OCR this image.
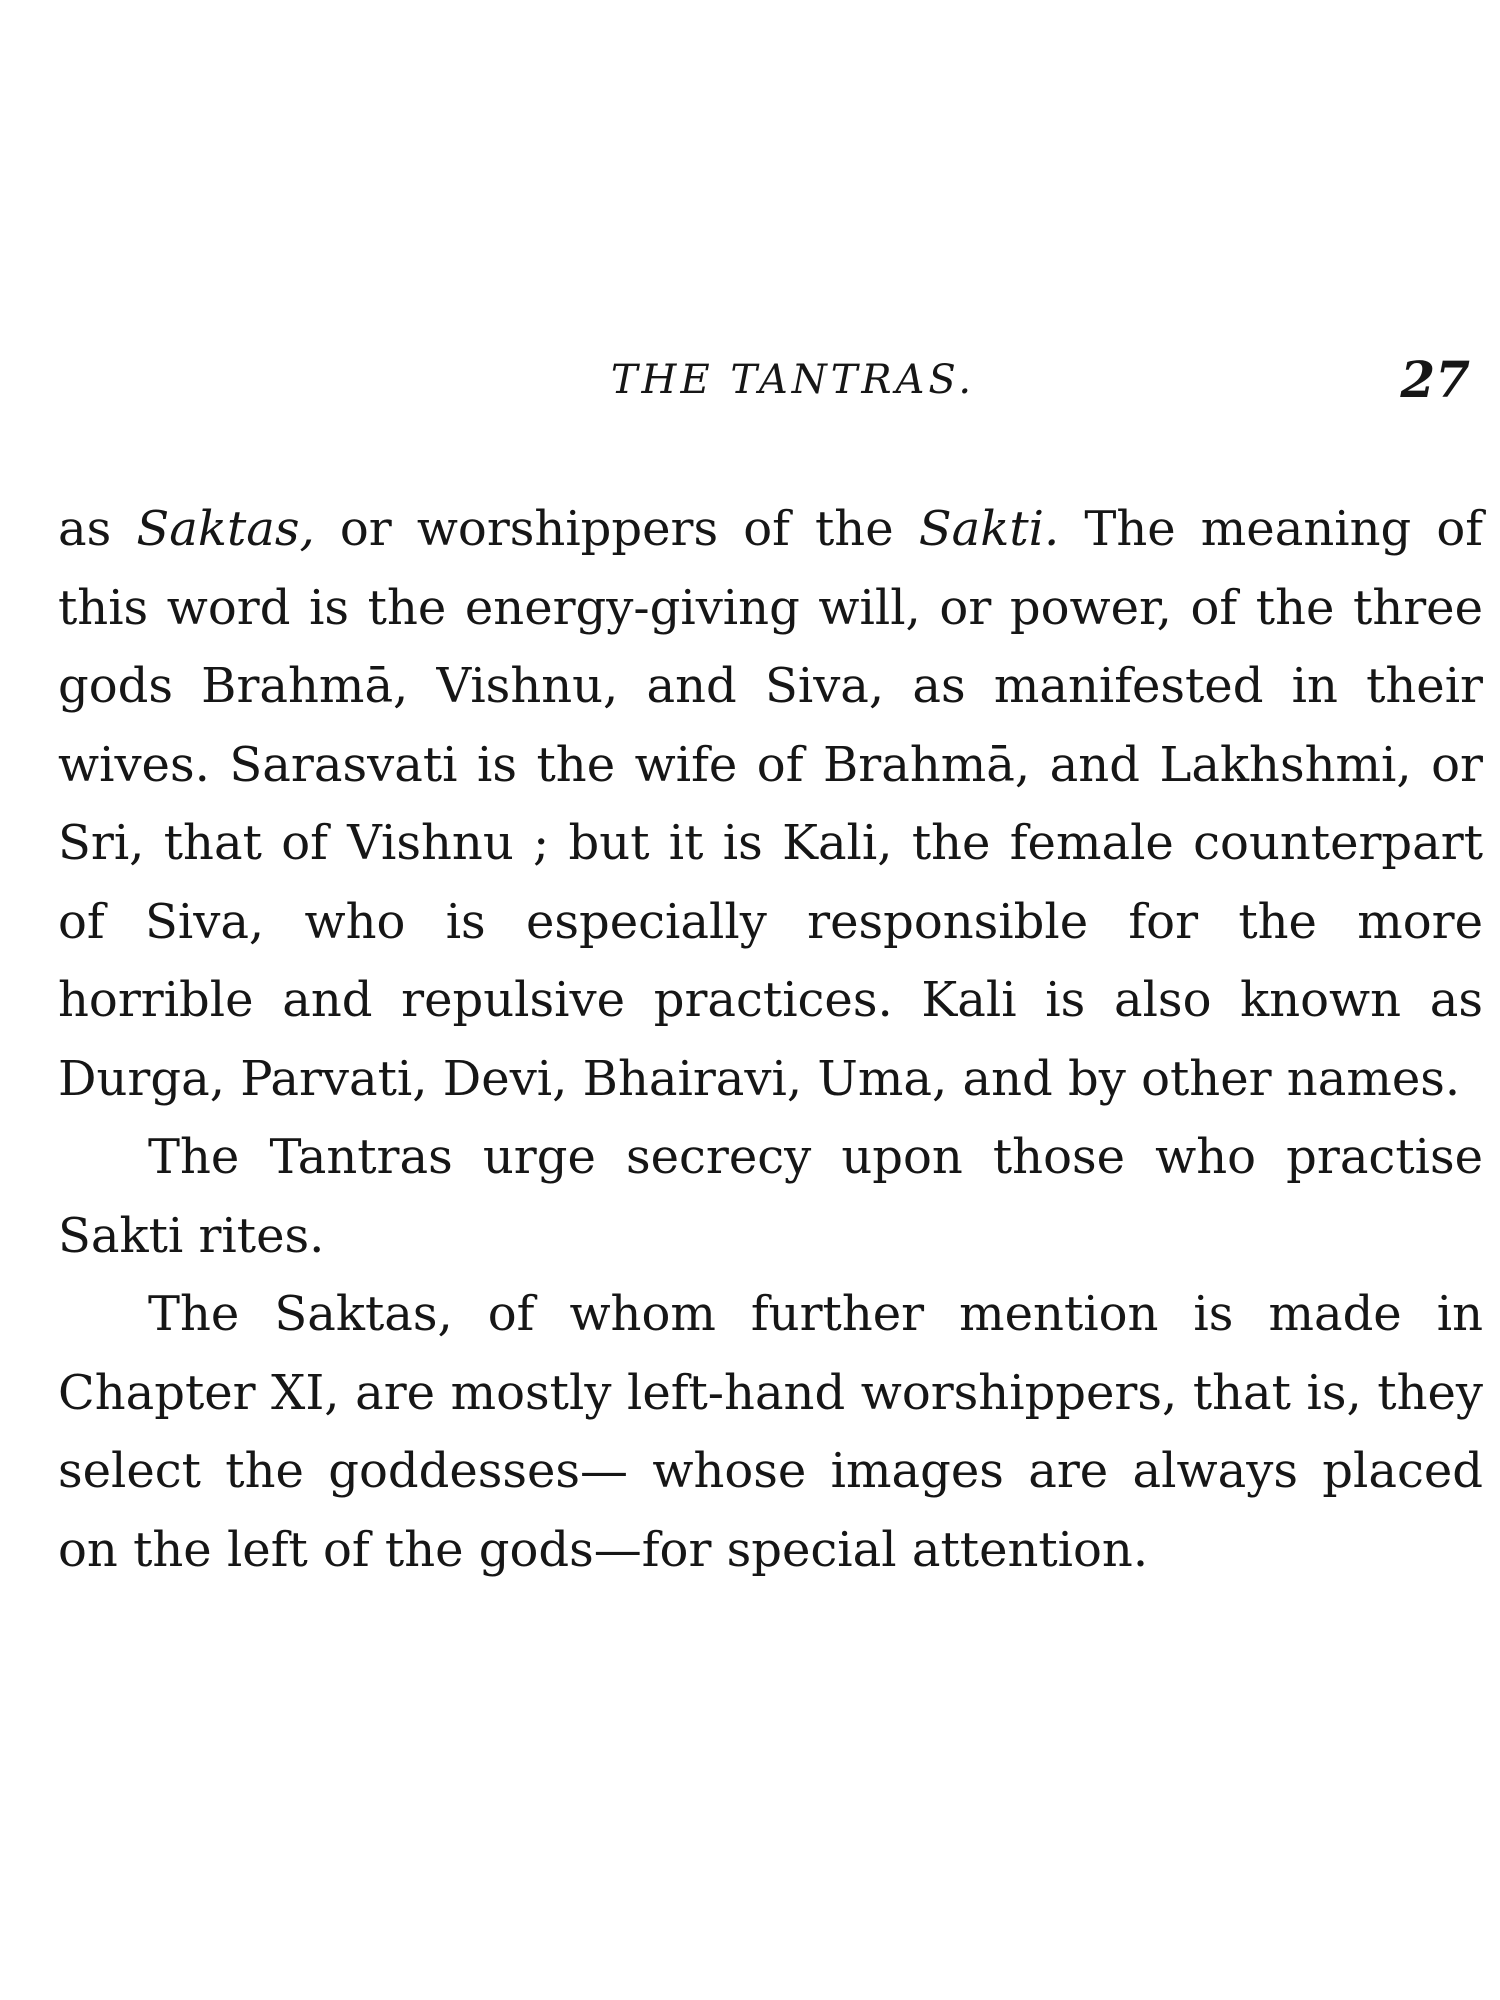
THE TANTRAS.	27

as Saktas, or worshippers of the Sakti. The meaning of this word is the energy-giving will, or power, of the three gods Brahmā, Vishnu, and Siva, as manifested in their wives. Sarasvati is the wife of Brahmā, and Lakhshmi, or Sri, that of Vishnu ; but it is Kali, the female counterpart of Siva, who is especially responsible for the more horrible and repulsive practices. Kali is also known as Durga, Parvati, Devi, Bhairavi, Uma, and by other names.

The Tantras urge secrecy upon those who practise Sakti rites.

The Saktas, of whom further mention is made in Chapter XI, are mostly left-hand worshippers, that is, they select the goddesses— whose images are always placed on the left of the gods—for special attention.
